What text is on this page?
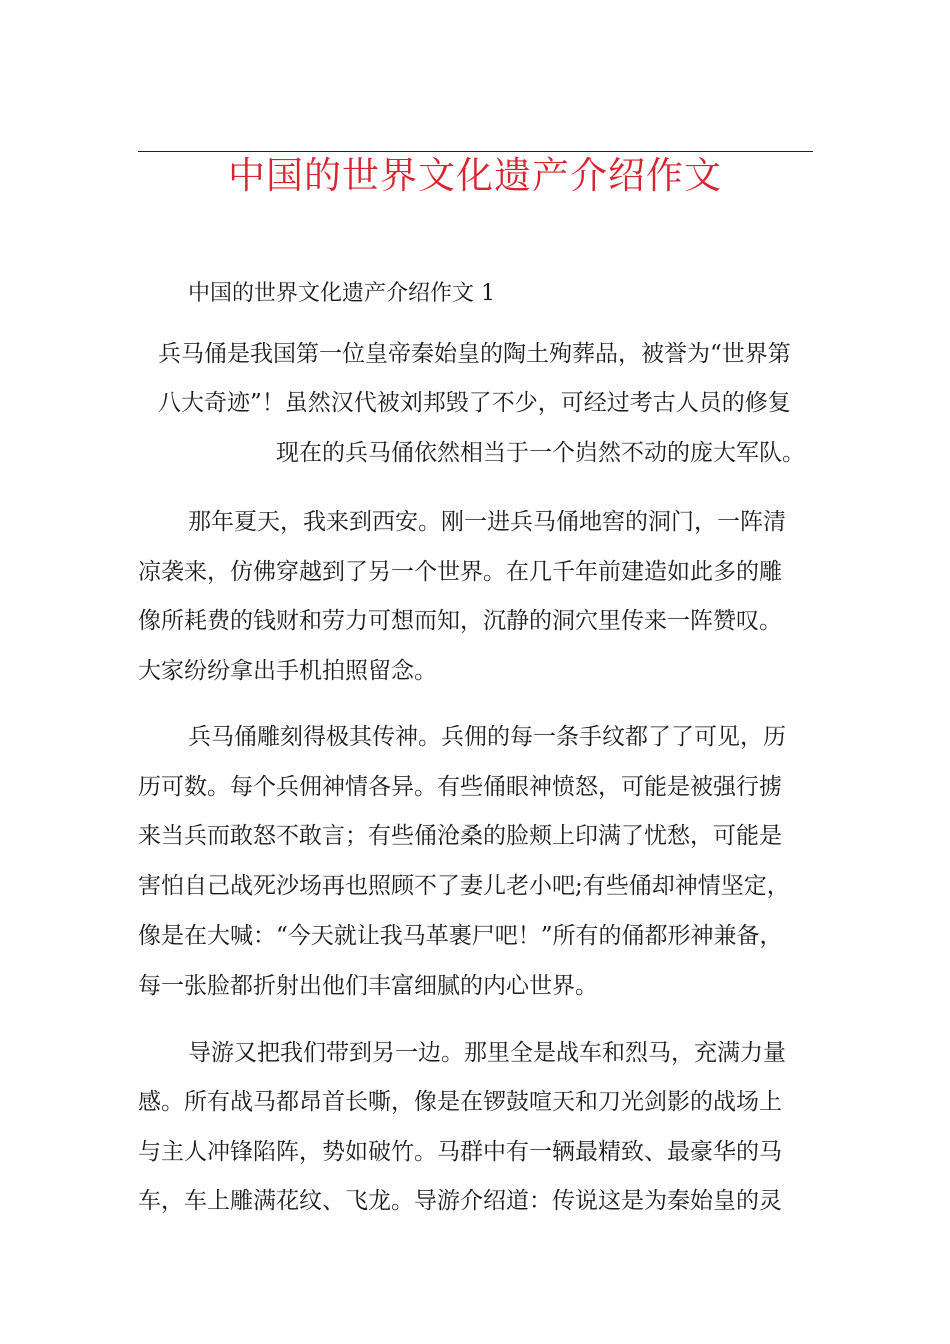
中国的世界文化遗产介绍作文
中国的世界文化遗产介绍作文 1
兵马俑是我国第一位皇帝秦始皇的陶土殉葬品，被誉为“世界第
八大奇迹”！虽然汉代被刘邦毁了不少，可经过考古人员的修复
现在的兵马俑依然相当于一个岿然不动的庞大军队。
那年夏天，我来到西安。刚一进兵马俑地窖的洞门，一阵清
凉袭来，仿佛穿越到了另一个世界。在几千年前建造如此多的雕
像所耗费的钱财和劳力可想而知，沉静的洞穴里传来一阵赞叹。
大家纷纷拿出手机拍照留念。
兵马俑雕刻得极其传神。兵佣的每一条手纹都了了可见，历
历可数。每个兵佣神情各异。有些俑眼神愤怒，可能是被强行掳
来当兵而敢怒不敢言；有些俑沧桑的脸颊上印满了忧愁，可能是
害怕自己战死沙场再也照顾不了妻儿老小吧;有些俑却神情坚定，
像是在大喊：“今天就让我马革裹尸吧！”所有的俑都形神兼备，
每一张脸都折射出他们丰富细腻的内心世界。
导游又把我们带到另一边。那里全是战车和烈马，充满力量
感。所有战马都昂首长嘶，像是在锣鼓喧天和刀光剑影的战场上
与主人冲锋陷阵，势如破竹。马群中有一辆最精致、最豪华的马
车，车上雕满花纹、飞龙。导游介绍道：传说这是为秦始皇的灵
